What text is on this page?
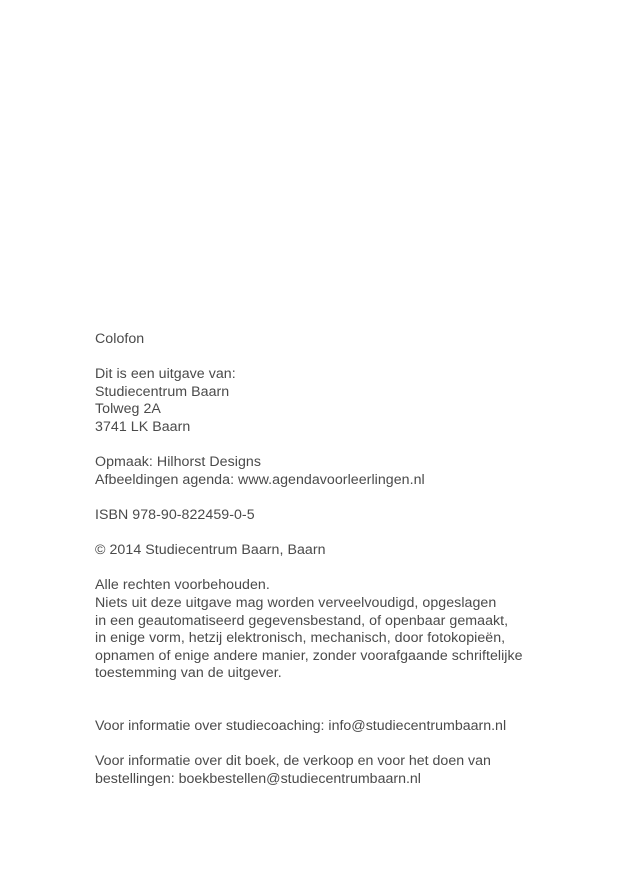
Colofon
Dit is een uitgave van:
Studiecentrum Baarn
Tolweg 2A
3741 LK Baarn
Opmaak: Hilhorst Designs
Afbeeldingen agenda: www.agendavoorleerlingen.nl
ISBN 978-90-822459-0-5
© 2014 Studiecentrum Baarn, Baarn
Alle rechten voorbehouden.
Niets uit deze uitgave mag worden verveelvoudigd, opgeslagen
in een geautomatiseerd gegevensbestand, of openbaar gemaakt,
in enige vorm, hetzij elektronisch, mechanisch, door fotokopieën,
opnamen of enige andere manier, zonder voorafgaande schriftelijke
toestemming van de uitgever.
Voor informatie over studiecoaching: info@studiecentrumbaarn.nl
Voor informatie over dit boek, de verkoop en voor het doen van
bestellingen: boekbestellen@studiecentrumbaarn.nl
